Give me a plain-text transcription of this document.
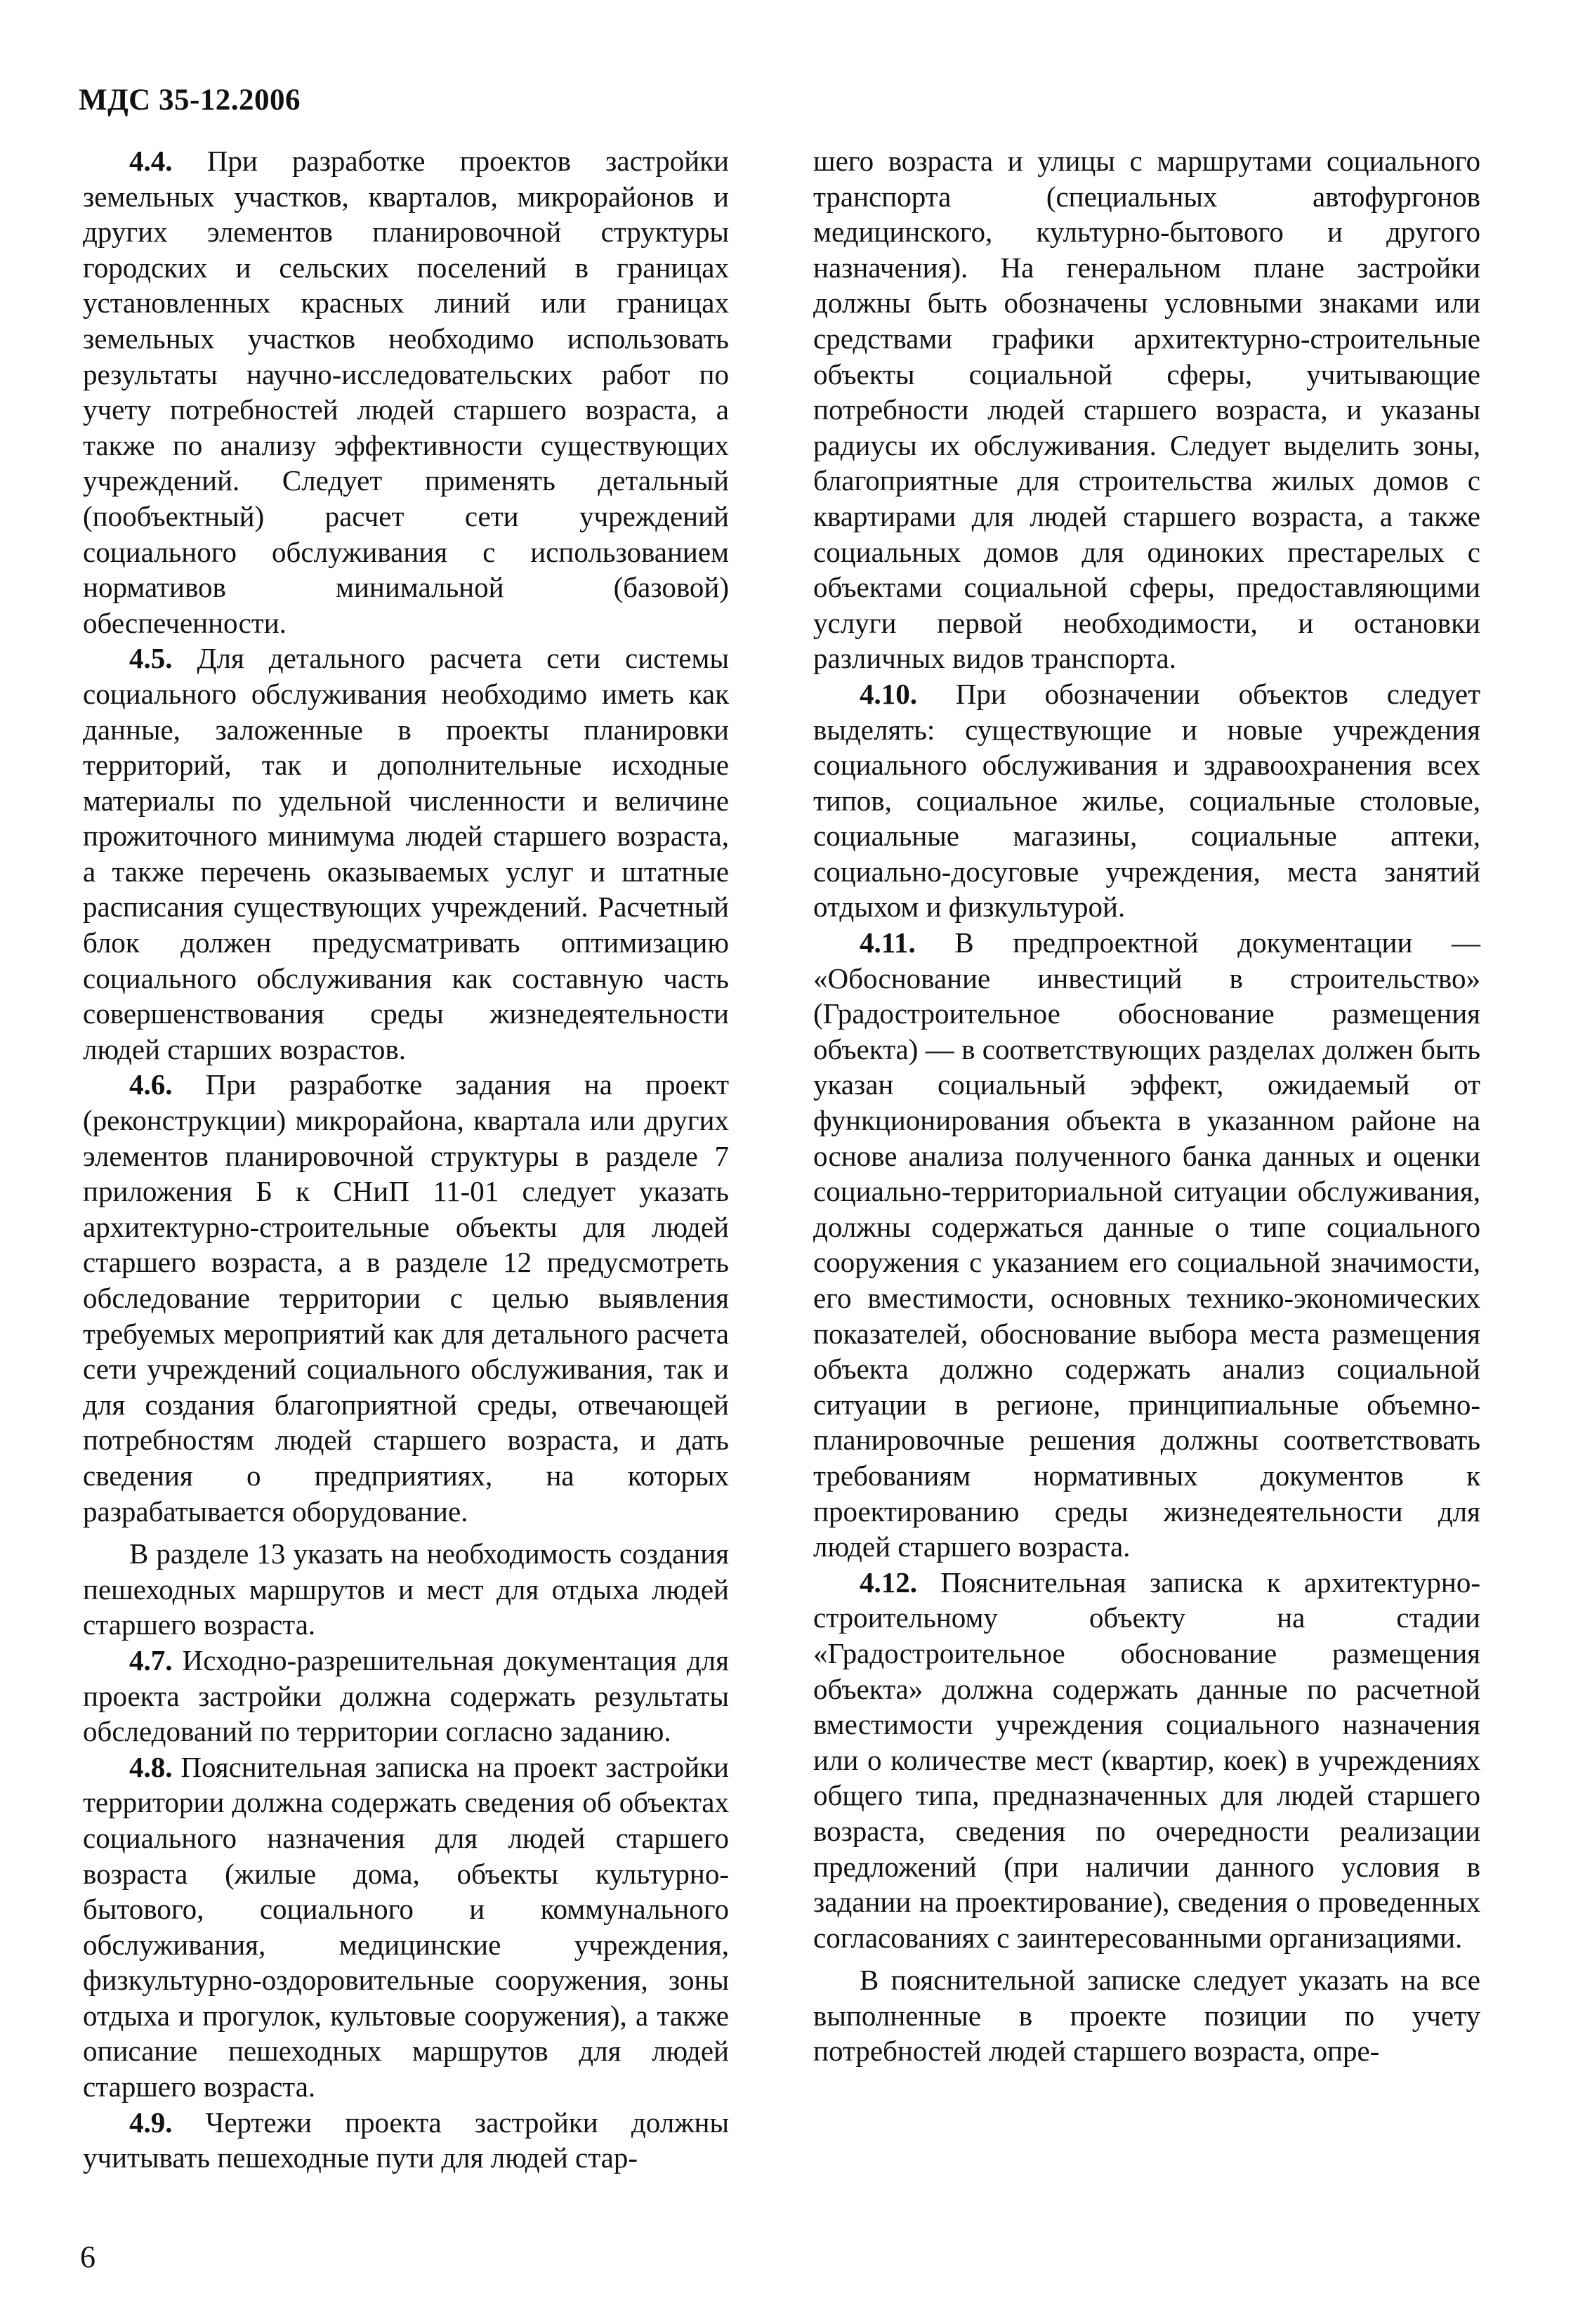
МДС 35-12.2006

4.4. При разработке проектов застройки земельных участков, кварталов, микрорайонов и других элементов планировочной структуры городских и сельских поселений в границах установленных красных линий или границах земельных участков необходимо использовать результаты научно-исследовательских работ по учету потребностей людей старшего возраста, а также по анализу эффективности существующих учреждений. Следует применять детальный (пообъектный) расчет сети учреждений социального обслуживания с использованием нормативов минимальной (базовой) обеспеченности.

4.5. Для детального расчета сети системы социального обслуживания необходимо иметь как данные, заложенные в проекты планировки территорий, так и дополнительные исходные материалы по удельной численности и величине прожиточного минимума людей старшего возраста, а также перечень оказываемых услуг и штатные расписания существующих учреждений. Расчетный блок должен предусматривать оптимизацию социального обслуживания как составную часть совершенствования среды жизнедеятельности людей старших возрастов.

4.6. При разработке задания на проект (реконструкции) микрорайона, квартала или других элементов планировочной структуры в разделе 7 приложения Б к СНиП 11-01 следует указать архитектурно-строительные объекты для людей старшего возраста, а в разделе 12 предусмотреть обследование территории с целью выявления требуемых мероприятий как для детального расчета сети учреждений социального обслуживания, так и для создания благоприятной среды, отвечающей потребностям людей старшего возраста, и дать сведения о предприятиях, на которых разрабатывается оборудование.

В разделе 13 указать на необходимость создания пешеходных маршрутов и мест для отдыха людей старшего возраста.

4.7. Исходно-разрешительная документация для проекта застройки должна содержать результаты обследований по территории согласно заданию.

4.8. Пояснительная записка на проект застройки территории должна содержать сведения об объектах социального назначения для людей старшего возраста (жилые дома, объекты культурно-бытового, социального и коммунального обслуживания, медицинские учреждения, физкультурно-оздоровительные сооружения, зоны отдыха и прогулок, культовые сооружения), а также описание пешеходных маршрутов для людей старшего возраста.

4.9. Чертежи проекта застройки должны учитывать пешеходные пути для людей стар-

шего возраста и улицы с маршрутами социального транспорта (специальных автофургонов медицинского, культурно-бытового и другого назначения). На генеральном плане застройки должны быть обозначены условными знаками или средствами графики архитектурно-строительные объекты социальной сферы, учитывающие потребности людей старшего возраста, и указаны радиусы их обслуживания. Следует выделить зоны, благоприятные для строительства жилых домов с квартирами для людей старшего возраста, а также социальных домов для одиноких престарелых с объектами социальной сферы, предоставляющими услуги первой необходимости, и остановки различных видов транспорта.

4.10. При обозначении объектов следует выделять: существующие и новые учреждения социального обслуживания и здравоохранения всех типов, социальное жилье, социальные столовые, социальные магазины, социальные аптеки, социально-досуговые учреждения, места занятий отдыхом и физкультурой.

4.11. В предпроектной документации — «Обоснование инвестиций в строительство» (Градостроительное обоснование размещения объекта) — в соответствующих разделах должен быть указан социальный эффект, ожидаемый от функционирования объекта в указанном районе на основе анализа полученного банка данных и оценки социально-территориальной ситуации обслуживания, должны содержаться данные о типе социального сооружения с указанием его социальной значимости, его вместимости, основных технико-экономических показателей, обоснование выбора места размещения объекта должно содержать анализ социальной ситуации в регионе, принципиальные объемно-планировочные решения должны соответствовать требованиям нормативных документов к проектированию среды жизнедеятельности для людей старшего возраста.

4.12. Пояснительная записка к архитектурно-строительному объекту на стадии «Градостроительное обоснование размещения объекта» должна содержать данные по расчетной вместимости учреждения социального назначения или о количестве мест (квартир, коек) в учреждениях общего типа, предназначенных для людей старшего возраста, сведения по очередности реализации предложений (при наличии данного условия в задании на проектирование), сведения о проведенных согласованиях с заинтересованными организациями.

В пояснительной записке следует указать на все выполненные в проекте позиции по учету потребностей людей старшего возраста, опре-

6
